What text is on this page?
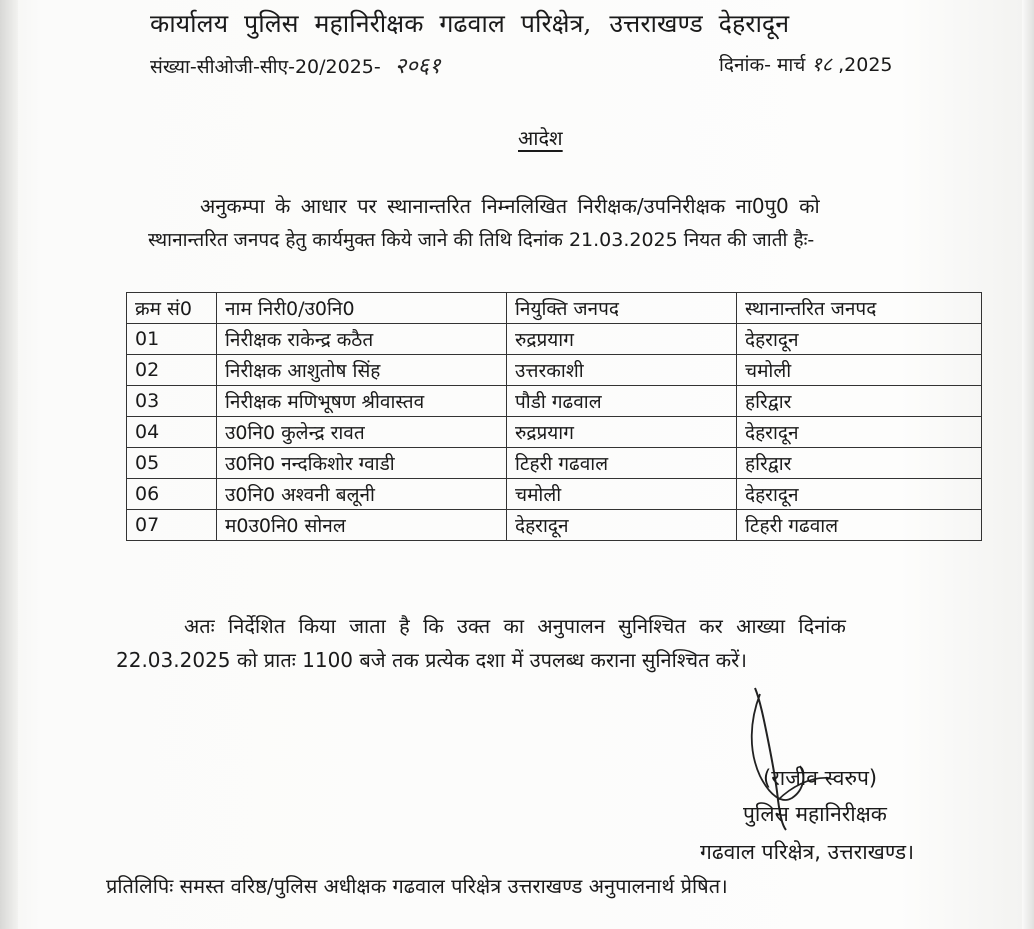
कार्यालय पुलिस महानिरीक्षक गढवाल परिक्षेत्र, उत्तराखण्ड देहरादून
संख्या-सीओजी-सीए-20/2025- २०६१	दिनांक- मार्च १८ ,2025
आदेश
अनुकम्पा के आधार पर स्थानान्तरित निम्नलिखित निरीक्षक/उपनिरीक्षक ना0पु0 को
स्थानान्तरित जनपद हेतु कार्यमुक्त किये जाने की तिथि दिनांक 21.03.2025 नियत की जाती हैः-
क्रम सं0	नाम निरी0/उ0नि0	नियुक्ति जनपद	स्थानान्तरित जनपद
01	निरीक्षक राकेन्द्र कठैत	रुद्रप्रयाग	देहरादून
02	निरीक्षक आशुतोष सिंह	उत्तरकाशी	चमोली
03	निरीक्षक मणिभूषण श्रीवास्तव	पौडी गढवाल	हरिद्वार
04	उ0नि0 कुलेन्द्र रावत	रुद्रप्रयाग	देहरादून
05	उ0नि0 नन्दकिशोर ग्वाडी	टिहरी गढवाल	हरिद्वार
06	उ0नि0 अश्वनी बलूनी	चमोली	देहरादून
07	म0उ0नि0 सोनल	देहरादून	टिहरी गढवाल
अतः निर्देशित किया जाता है कि उक्त का अनुपालन सुनिश्चित कर आख्या दिनांक
22.03.2025 को प्रातः 1100 बजे तक प्रत्येक दशा में उपलब्ध कराना सुनिश्चित करें।
(राजीव स्वरुप)
पुलिस महानिरीक्षक
गढवाल परिक्षेत्र, उत्तराखण्ड।
प्रतिलिपिः समस्त वरिष्ठ/पुलिस अधीक्षक गढवाल परिक्षेत्र उत्तराखण्ड अनुपालनार्थ प्रेषित।
